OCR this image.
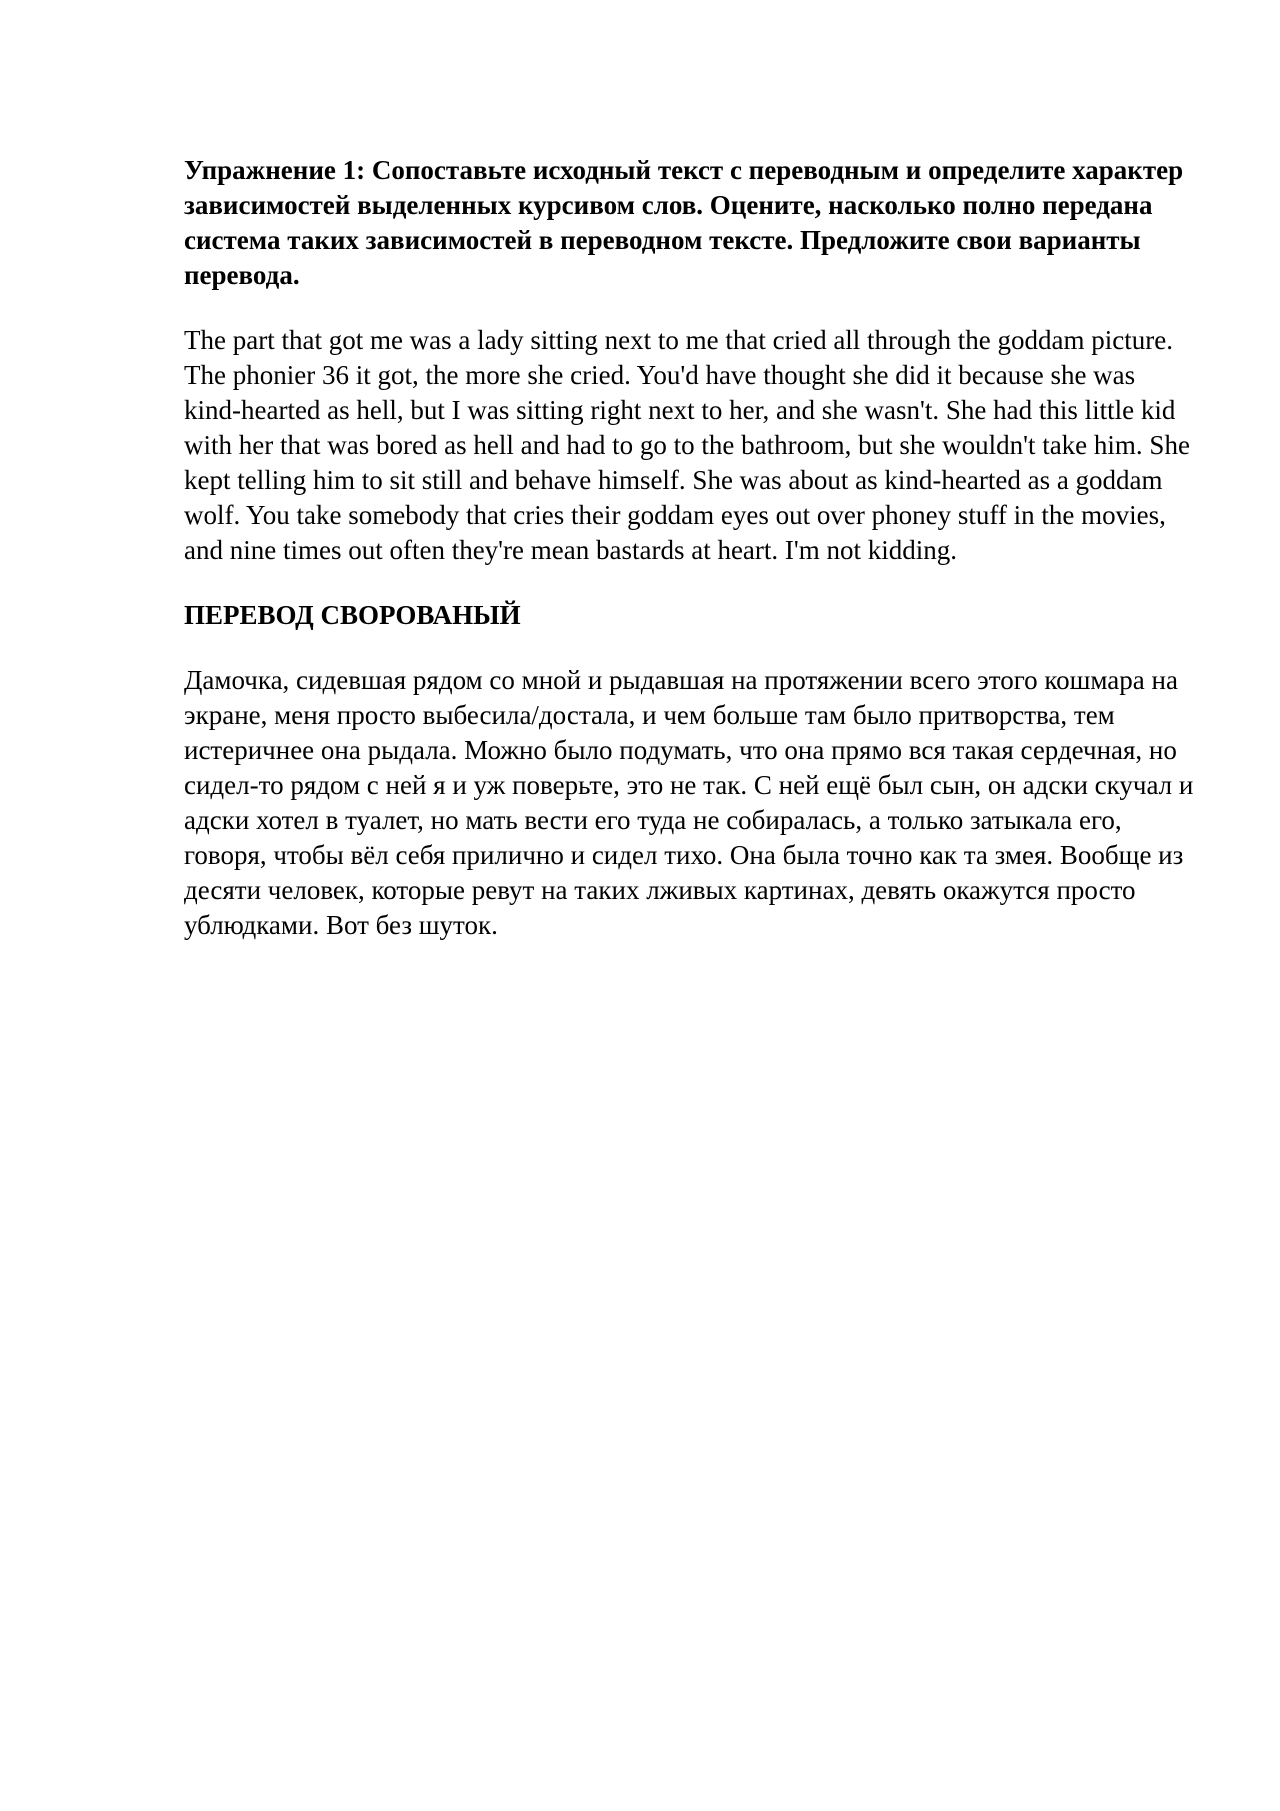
Упражнение 1: Сопоставьте исходный текст с переводным и определите характер зависимостей выделенных курсивом слов. Оцените, насколько полно передана система таких зависимостей в переводном тексте. Предложите свои варианты перевода.

The part that got me was a lady sitting next to me that cried all through the goddam picture. The phonier 36 it got, the more she cried. You'd have thought she did it because she was kind-hearted as hell, but I was sitting right next to her, and she wasn't. She had this little kid with her that was bored as hell and had to go to the bathroom, but she wouldn't take him. She kept telling him to sit still and behave himself. She was about as kind-hearted as a goddam wolf. You take somebody that cries their goddam eyes out over phoney stuff in the movies, and nine times out often they're mean bastards at heart. I'm not kidding.

ПЕРЕВОД СВОРОВАНЫЙ

Дамочка, сидевшая рядом со мной и рыдавшая на протяжении всего этого кошмара на экране, меня просто выбесила/достала, и чем больше там было притворства, тем истеричнее она рыдала. Можно было подумать, что она прямо вся такая сердечная, но сидел-то рядом с ней я и уж поверьте, это не так. С ней ещё был сын, он адски скучал и адски хотел в туалет, но мать вести его туда не собиралась, а только затыкала его, говоря, чтобы вёл себя прилично и сидел тихо. Она была точно как та змея. Вообще из десяти человек, которые ревут на таких лживых картинах, девять окажутся просто ублюдками. Вот без шуток.
